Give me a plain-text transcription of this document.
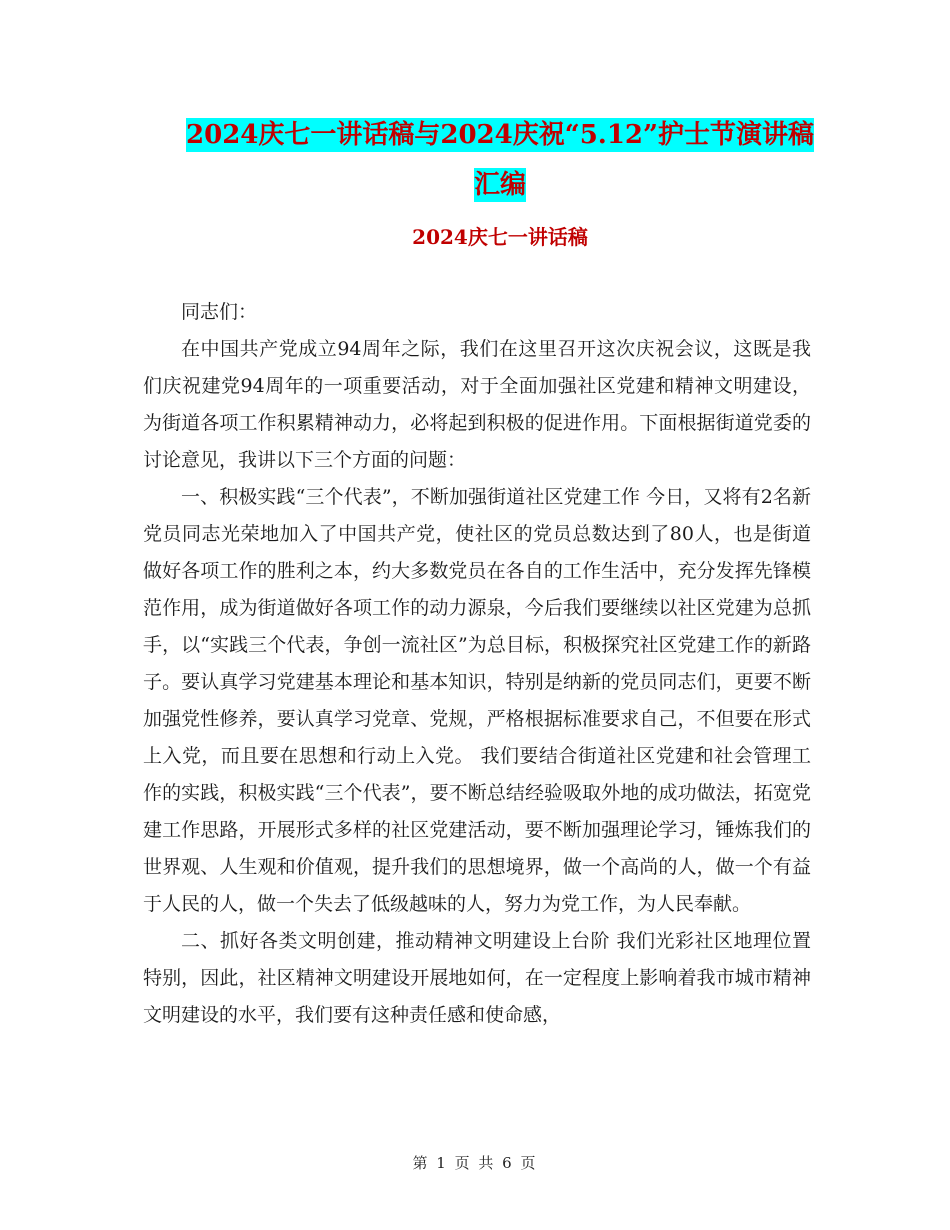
2024庆七一讲话稿与2024庆祝“5.12”护士节演讲稿
汇编
2024庆七一讲话稿

同志们：

在中国共产党成立94周年之际，我们在这里召开这次庆祝会议，这既是我们庆祝建党94周年的一项重要活动，对于全面加强社区党建和精神文明建设，为街道各项工作积累精神动力，必将起到积极的促进作用。下面根据街道党委的讨论意见，我讲以下三个方面的问题：

一、积极实践“三个代表”，不断加强街道社区党建工作 今日，又将有2名新党员同志光荣地加入了中国共产党，使社区的党员总数达到了80人，也是街道做好各项工作的胜利之本，约大多数党员在各自的工作生活中，充分发挥先锋模范作用，成为街道做好各项工作的动力源泉，今后我们要继续以社区党建为总抓手，以“实践三个代表，争创一流社区”为总目标，积极探究社区党建工作的新路子。要认真学习党建基本理论和基本知识，特别是纳新的党员同志们，更要不断加强党性修养，要认真学习党章、党规，严格根据标准要求自己，不但要在形式上入党，而且要在思想和行动上入党。 我们要结合街道社区党建和社会管理工作的实践，积极实践“三个代表”，要不断总结经验吸取外地的成功做法，拓宽党建工作思路，开展形式多样的社区党建活动，要不断加强理论学习，锤炼我们的世界观、人生观和价值观，提升我们的思想境界，做一个高尚的人，做一个有益于人民的人，做一个失去了低级越味的人，努力为党工作，为人民奉献。

二、抓好各类文明创建，推动精神文明建设上台阶 我们光彩社区地理位置特别，因此，社区精神文明建设开展地如何，在一定程度上影响着我市城市精神文明建设的水平，我们要有这种责任感和使命感，

第 1 页 共 6 页
